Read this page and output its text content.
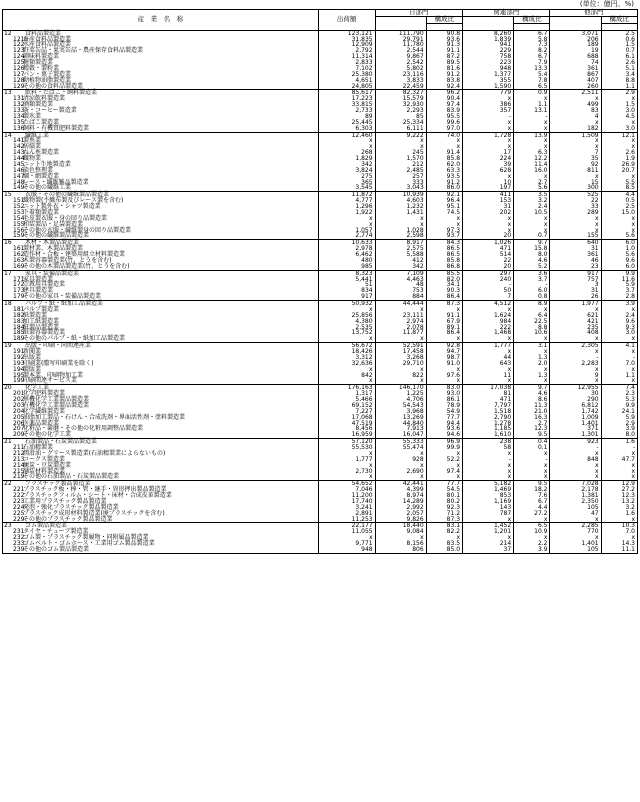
(単位：億円、%)
産　業　名　称		出荷額	自部門		関連部門		他部門	
				構成比		構成比		構成比

12	食料品製造業	123,121	111,790	90.8	8,260	6.7	3,071	2.5
121	畜産食料品製造業	31,835	29,791	93.6	1,839	5.8	206	0.6
122	水産食料品製造業	12,909	11,780	91.3	941	7.3	189	1.5
123	野菜缶詰・果実缶詰・農産保存食料品製造業	2,792	2,544	91.1	229	8.2	19	0.7
124	調味料製造業	11,314	9,867	87.2	758	6.7	688	6.1
125	糖類製造業	2,833	2,542	89.5	223	7.9	74	2.6
126	精穀・製粉業	7,102	5,802	81.6	948	13.3	361	5.1
127	パン・菓子製造業	25,380	23,116	91.2	1,377	5.4	867	3.4
128	動植物油脂製造業	4,651	3,833	83.8	355	7.8	407	8.8
129	その他の食料品製造業	24,805	22,459	92.4	1,590	6.5	260	1.1
13	飲料・たばこ・飼料製造業	85,617	82,327	96.2	779	0.9	2,511	2.9
131	清涼飲料製造業	17,223	15,579	90.4	x	x	x	x
132	酒類製造業	33,815	32,930	97.4	386	1.1	499	1.5
133	茶・コーヒー製造業	2,733	2,293	83.9	357	13.1	83	3.0
134	製氷業	89	85	95.5	-	-	4	4.5
135	たばこ製造業	25,445	25,334	99.6	x	x	x	x
136	飼料・有機質肥料製造業	6,303	6,111	97.0	x	x	182	3.0
14	繊維工業	12,460	9,222	74.0	1,728	13.9	1,509	12.1
141	製糸業	x	x	x	x	x	x	x
142	紡績業	x	x	x	x	x	x	x
143	ねん糸製造業	268	245	91.4	17	6.3	7	2.6
144	織物業	1,829	1,570	85.8	224	12.2	35	1.9
145	ニット生地製造業	342	212	62.0	39	11.4	92	26.9
146	染色整理業	3,824	2,485	63.3	628	16.0	811	20.7
147	綱・網製造業	275	257	93.5	x	x	x	x
148	レース・繊維雑品製造業	365	333	91.2	10	2.7	15	5.5
149	その他の繊維工業	3,545	3,043	86.0	197	5.6	300	8.5
15	衣服・その他の繊維製品製造業	11,872	10,939	92.1	411	3.5	525	4.4
151	織物製(不織布製及びレース製を含む)	4,777	4,603	96.4	153	3.2	22	0.5
152	ニット製外衣・シャツ製造業	1,296	1,232	95.1	31	2.4	33	2.5
153	下着類製造業	1,922	1,431	74.5	202	10.5	289	15.0
154	毛皮製衣服・身の回り品製造業	x	x	x	x	x	x	x
155	和装製品・足袋製造業	x	x	x	x	x	x	x
156	その他の衣服・繊維製身の回り品製造業	1,057	1,028	97.3	x	x	x	x
159	その他の繊維製品製造業	2,774	2,598	93.7	20	0.7	155	5.6
16	木材・木製品製造業	10,633	8,917	84.3	1,026	9.7	640	6.0
161	製材業、木製品製造業	2,978	2,575	86.5	471	15.8	31	1.0
162	造作材・合板・建築用組立材料製造業	6,462	5,588	86.5	514	8.0	361	5.6
163	木製容器製造業(竹、とうを含む)	480	412	85.8	22	4.6	46	9.6
169	その他の木製品製造業(竹、とうを含む)	985	342	86.8	20	5.2	23	6.0
17	家具・装備品製造業	8,323	7,109	85.5	297	3.6	917	9.9
171	家具製造業	5,441	4,463	82.0	240	3.7	757	11.6
172	宗教用具製造業	51	48	34.1	-	-	3	5.9
173	建具製造業	834	753	90.3	50	6.0	31	3.7
179	その他の家具・装備品製造業	917	884	86.4	7	0.8	26	2.8
18	パルプ・紙・紙加工品製造業	50,932	44,444	87.3	4,512	8.9	1,977	3.9
181	パルプ製造業	x	x	x	x	x	x	x
182	紙製造業	25,856	23,111	91.1	1,624	6.4	621	2.4
183	加工紙製造業	4,380	2,974	67.9	984	22.5	421	9.6
184	紙製品製造業	2,535	2,078	89.1	222	8.8	235	9.3
185	紙製容器製造業	13,752	11,877	86.4	1,468	10.6	408	3.0
189	その他のパルプ・紙・紙加工品製造業	x	x	x	x	x	x	x
19	出版・印刷・同関連産業	56,672	52,591	92.8	1,777	3.1	2,305	4.1
191	新聞業	18,426	17,458	94.7	x	x	x	x
192	出版業	3,312	3,268	98.7	44	1.3	-	-
193	印刷業(謄写印刷業を除く)	32,636	29,710	91.0	643	2.0	2,283	7.0
194	製版業	x	x	x	x	x	x	x
195	製本業、印刷物加工業	842	822	97.6	11	1.3	9	1.1
199	印刷関連サービス業	x	x	x	x	x	x	x
20	化学工業	176,163	146,170	83.0	17,038	9.7	12,955	7.4
201	化学肥料製造業	1,317	1,225	93.0	81	4.6	30	2.3
202	無機化学工業製品製造業	5,466	4,706	86.1	471	8.6	290	5.3
203	有機化学工業製品製造業	69,152	54,543	78.9	7,797	11.3	6,812	9.9
204	化学繊維製造業	7,227	3,968	54.9	1,518	21.0	1,742	24.1
205	油脂加工製品・石けん・合成洗剤・界面活性剤・塗料製造業	17,068	13,269	77.7	2,790	16.3	1,009	5.9
206	医薬品製造業	47,519	44,840	94.4	1,278	2.7	1,401	2.9
207	化粧品・歯磨・その他の化粧用調整品製造業	8,456	7,913	93.6	1,185	12.3	371	3.9
209	その他の化学工業	16,959	16,047	94.6	1,610	9.5	1,301	8.0
21	石油製品・石炭製品製造業	57,120	55,333	96.9	238	0.4	923	1.6
211	石油精製業	55,530	55,474	99.9	58	0.1	-	-
212	潤滑油・グリース製造業(石油精製業によらないもの)	x	x	x	x	x	x	x
213	コークス製造業	1,777	928	52.2	-	-	848	47.7
214	練炭・豆炭製造業	x	x	x	x	x	x	x
215	舗装材料製造業	2,730	2,690	97.4	x	x	x	x
219	その他の石油製品・石炭製品製造業	x	x	x	x	x	x	x
22	プラスチック製品製造業	54,652	42,441	77.7	5,182	9.5	7,028	12.9
221	プラスチック板・棒・管・継手・異形押出製品製造業	7,046	4,399	54.5	1,469	18.2	2,178	27.2
222	プラスチックフィルム・シート・床材・合成皮革製造業	11,200	8,974	80.1	853	7.6	1,381	12.3
223	工業用プラスチック製品製造業	17,740	14,289	80.2	1,169	6.7	2,350	13.2
224	発泡・強化プラスチック製品製造業	3,241	2,992	92.3	143	4.4	105	3.2
225	プラスチック成形材料製造業(廃プラスチックを含む)	2,891	2,057	71.2	787	27.2	47	1.6
229	その他のプラスチック製品製造業	11,253	9,826	87.3	x	x	x	x
23	ゴム製品製造業	22,177	18,440	83.1	1,452	6.5	2,285	10.3
231	タイヤ・チューブ製造業	11,055	9,084	82.2	1,201	10.9	770	7.0
232	ゴム製・プラスチック製履物・同附属品製造業	x	x	x	x	x	x	x
233	ゴムベルト・ゴムホース・工業用ゴム製品製造業	9,771	8,156	83.5	214	2.2	1,401	14.3
239	その他のゴム製品製造業	948	806	85.0	37	3.9	105	11.1
